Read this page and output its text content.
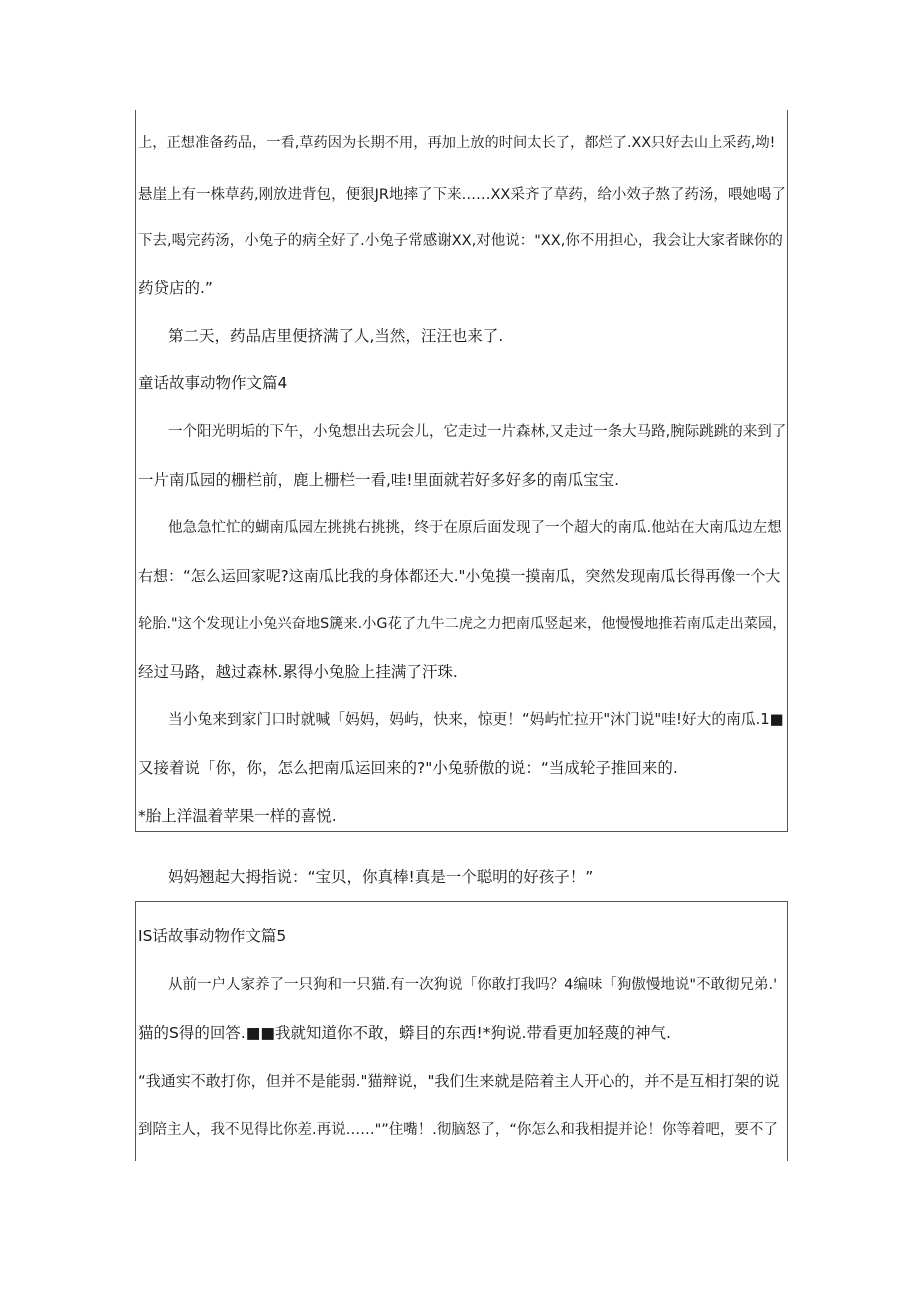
上，正想准备药品，一看,草药因为长期不用，再加上放的时间太长了，都烂了.XX只好去山上采药,坳!
悬崖上有一株草药,刚放进背包，便狠JR地摔了下来……XX采齐了草药，给小效子熬了药汤，喂她喝了
下去,喝完药汤，小兔子的病全好了.小兔子常感谢XX,对他说："XX,你不用担心，我会让大家者睐你的
药贷店的.”
第二天，药品店里便挤满了人,当然，汪汪也来了.
童话故事动物作文篇4
一个阳光明垢的下午，小兔想出去玩会儿，它走过一片森林,又走过一条大马路,腕际跳跳的来到了
一片南瓜园的栅栏前，鹿上栅栏一看,哇!里面就若好多好多的南瓜宝宝.
他急急忙忙的蝴南瓜园左挑挑右挑挑，终于在原后面发现了一个超大的南瓜.他站在大南瓜边左想
右想：“怎么运回家呢?这南瓜比我的身体都还大."小兔摸一摸南瓜，突然发现南瓜长得再像一个大
轮胎."这个发现让小兔兴奋地S篪来.小G花了九牛二虎之力把南瓜竖起来，他慢慢地推若南瓜走出菜园，
经过马路，越过森林.累得小兔脸上挂满了汗珠.
当小兔来到家门口时就喊「妈妈，妈屿，快来，惊更！“妈屿忙拉开"沐门说"哇!好大的南瓜.1■
又接着说「你，你，怎么把南瓜运回来的?"小兔骄傲的说：“当成轮子推回来的.
*胎上洋温着苹果一样的喜悦.
妈妈翘起大拇指说：“宝贝，你真棒!真是一个聪明的好孩子！”
IS话故事动物作文篇5
从前一户人家养了一只狗和一只猫.有一次狗说「你敢打我吗？4编味「狗傲慢地说"不敢彻兄弟.'
猫的S得的回答.■■我就知道你不敢，蟒目的东西!*狗说.带看更加轻蔑的神气.
“我通实不敢打你，但并不是能弱."猫辩说，"我们生来就是陪着主人开心的，并不是互相打架的说
到陪主人，我不见得比你差.再说……"”住嘴！.彻脑怒了，“你怎么和我相提并论！你等着吧，要不了
